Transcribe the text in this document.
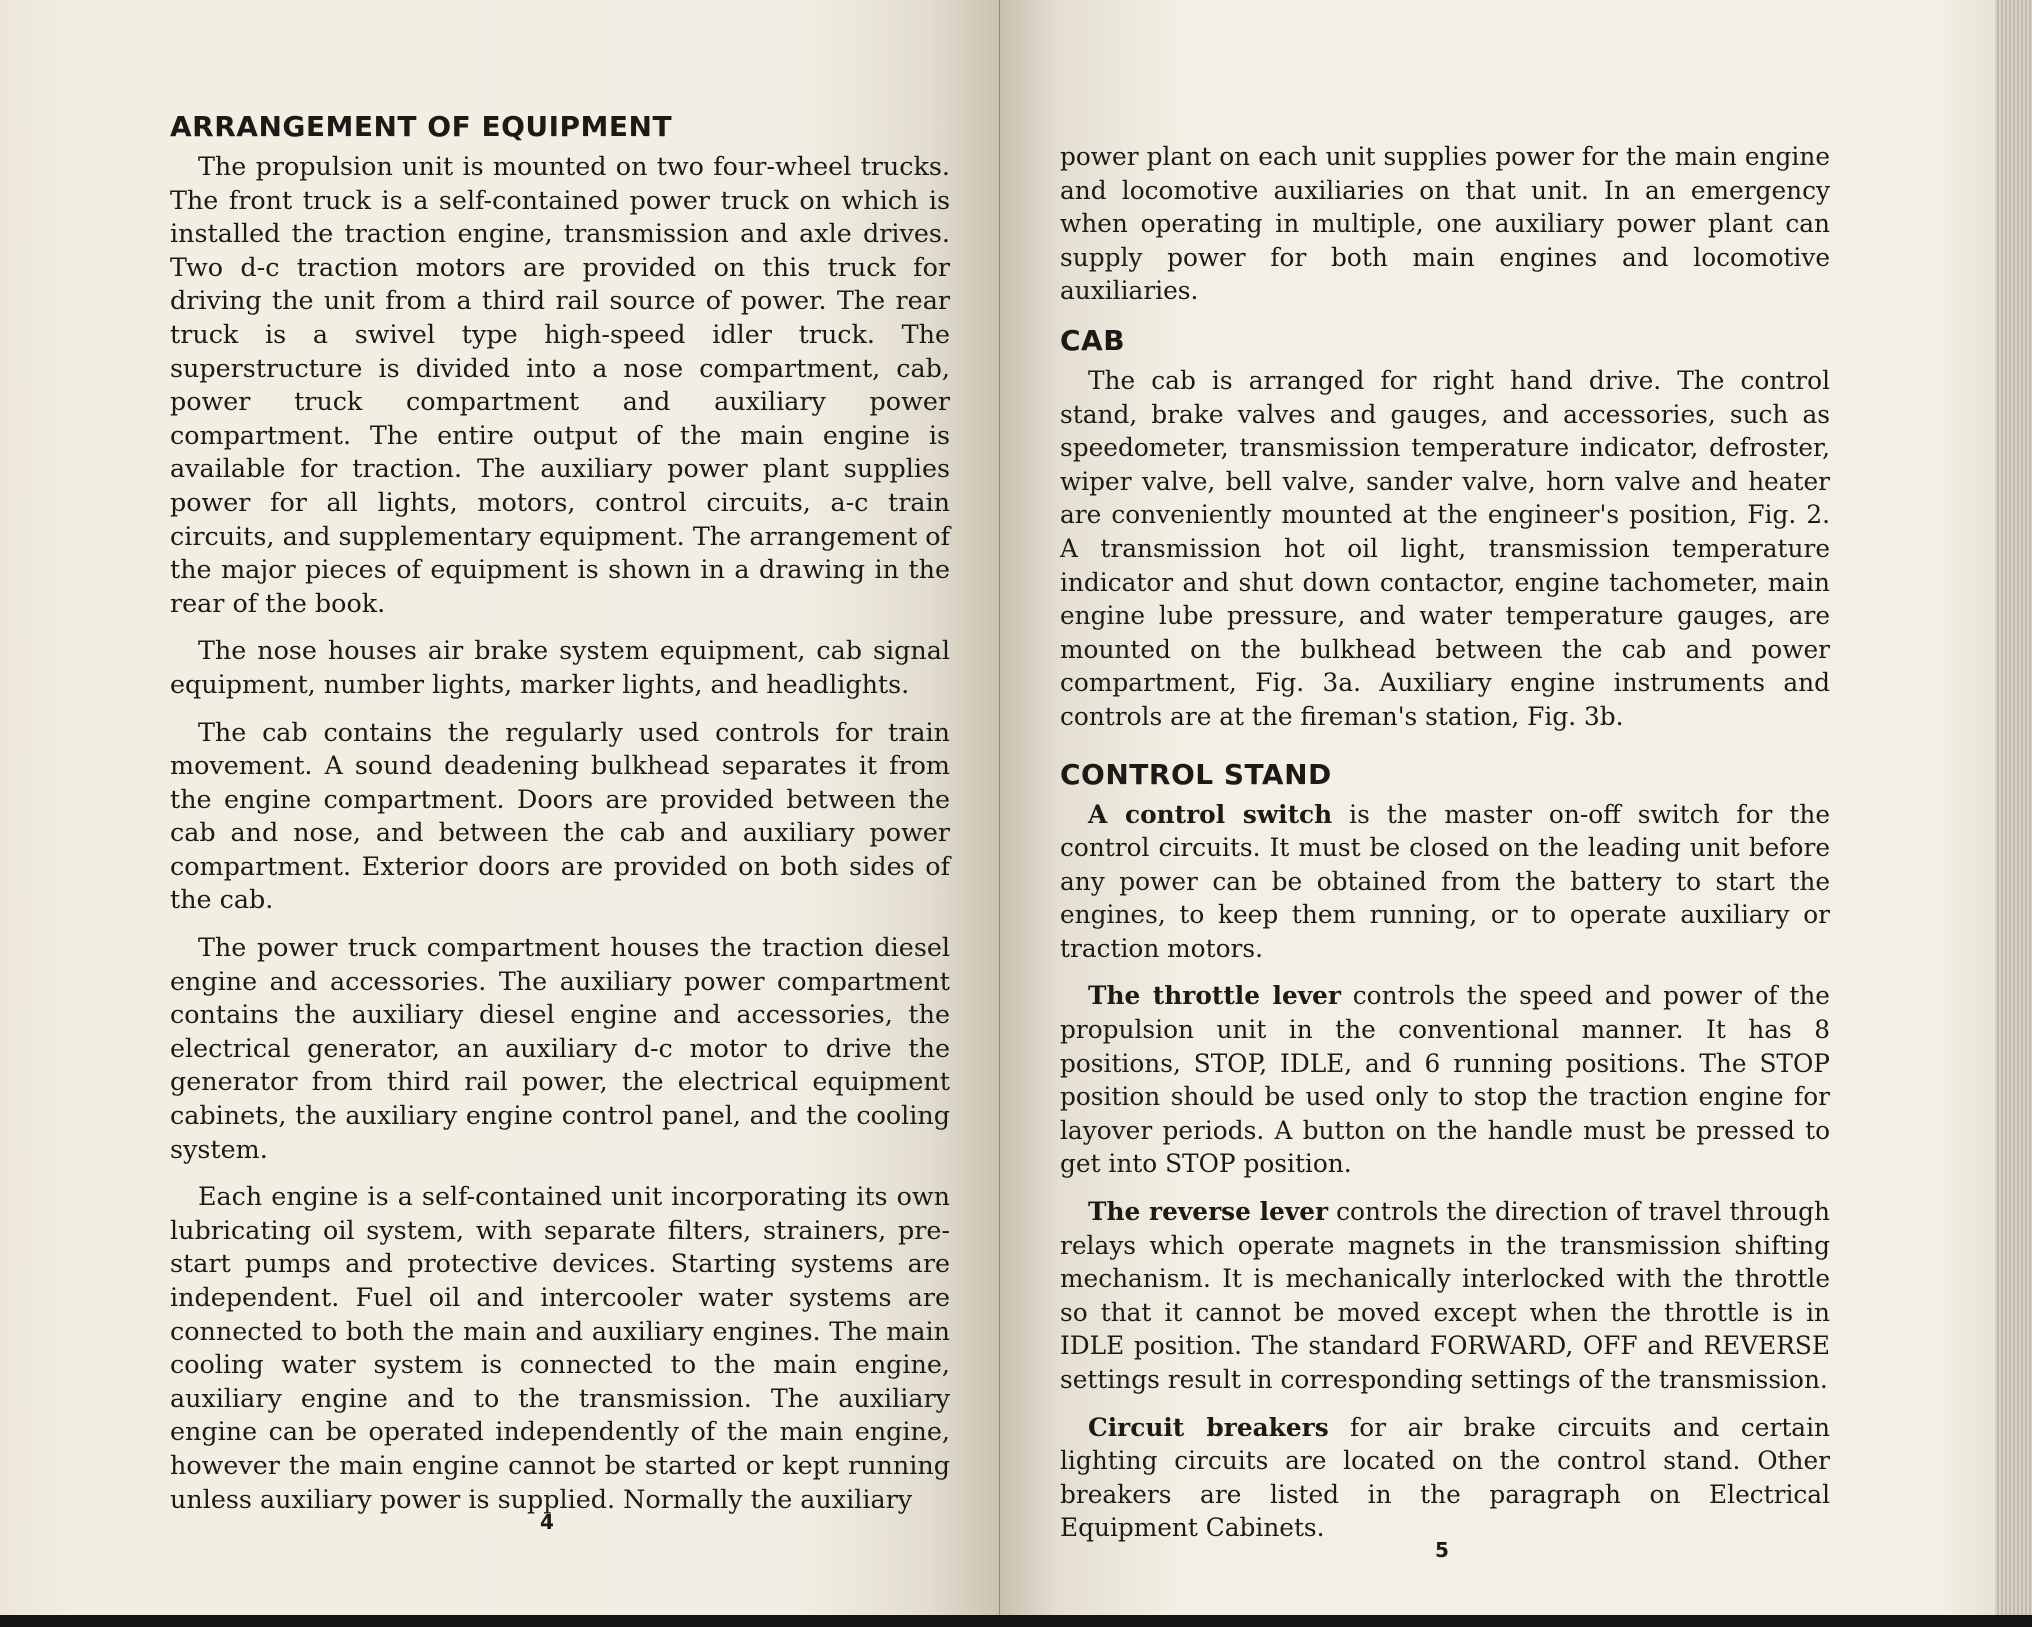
ARRANGEMENT OF EQUIPMENT

The propulsion unit is mounted on two four-wheel trucks. The front truck is a self-contained power truck on which is installed the traction engine, transmission and axle drives. Two d-c traction motors are provided on this truck for driving the unit from a third rail source of power. The rear truck is a swivel type high-speed idler truck. The superstructure is divided into a nose compartment, cab, power truck compartment and auxiliary power compartment. The entire output of the main engine is available for traction. The auxiliary power plant supplies power for all lights, motors, control circuits, a-c train circuits, and supplementary equipment. The arrangement of the major pieces of equipment is shown in a drawing in the rear of the book.

The nose houses air brake system equipment, cab signal equipment, number lights, marker lights, and headlights.

The cab contains the regularly used controls for train movement. A sound deadening bulkhead separates it from the engine compartment. Doors are provided between the cab and nose, and between the cab and auxiliary power compartment. Exterior doors are provided on both sides of the cab.

The power truck compartment houses the traction diesel engine and accessories. The auxiliary power compartment contains the auxiliary diesel engine and accessories, the electrical generator, an auxiliary d-c motor to drive the generator from third rail power, the electrical equipment cabinets, the auxiliary engine control panel, and the cooling system.

Each engine is a self-contained unit incorporating its own lubricating oil system, with separate filters, strainers, pre-start pumps and protective devices. Starting systems are independent. Fuel oil and intercooler water systems are connected to both the main and auxiliary engines. The main cooling water system is connected to the main engine, auxiliary engine and to the transmission. The auxiliary engine can be operated independently of the main engine, however the main engine cannot be started or kept running unless auxiliary power is supplied. Normally the auxiliary

4

power plant on each unit supplies power for the main engine and locomotive auxiliaries on that unit. In an emergency when operating in multiple, one auxiliary power plant can supply power for both main engines and locomotive auxiliaries.

CAB

The cab is arranged for right hand drive. The control stand, brake valves and gauges, and accessories, such as speedometer, transmission temperature indicator, defroster, wiper valve, bell valve, sander valve, horn valve and heater are conveniently mounted at the engineer's position, Fig. 2. A transmission hot oil light, transmission temperature indicator and shut down contactor, engine tachometer, main engine lube pressure, and water temperature gauges, are mounted on the bulkhead between the cab and power compartment, Fig. 3a. Auxiliary engine instruments and controls are at the fireman's station, Fig. 3b.

CONTROL STAND

A control switch is the master on-off switch for the control circuits. It must be closed on the leading unit before any power can be obtained from the battery to start the engines, to keep them running, or to operate auxiliary or traction motors.

The throttle lever controls the speed and power of the propulsion unit in the conventional manner. It has 8 positions, STOP, IDLE, and 6 running positions. The STOP position should be used only to stop the traction engine for layover periods. A button on the handle must be pressed to get into STOP position.

The reverse lever controls the direction of travel through relays which operate magnets in the transmission shifting mechanism. It is mechanically interlocked with the throttle so that it cannot be moved except when the throttle is in IDLE position. The standard FORWARD, OFF and REVERSE settings result in corresponding settings of the transmission.

Circuit breakers for air brake circuits and certain lighting circuits are located on the control stand. Other breakers are listed in the paragraph on Electrical Equipment Cabinets.

5
